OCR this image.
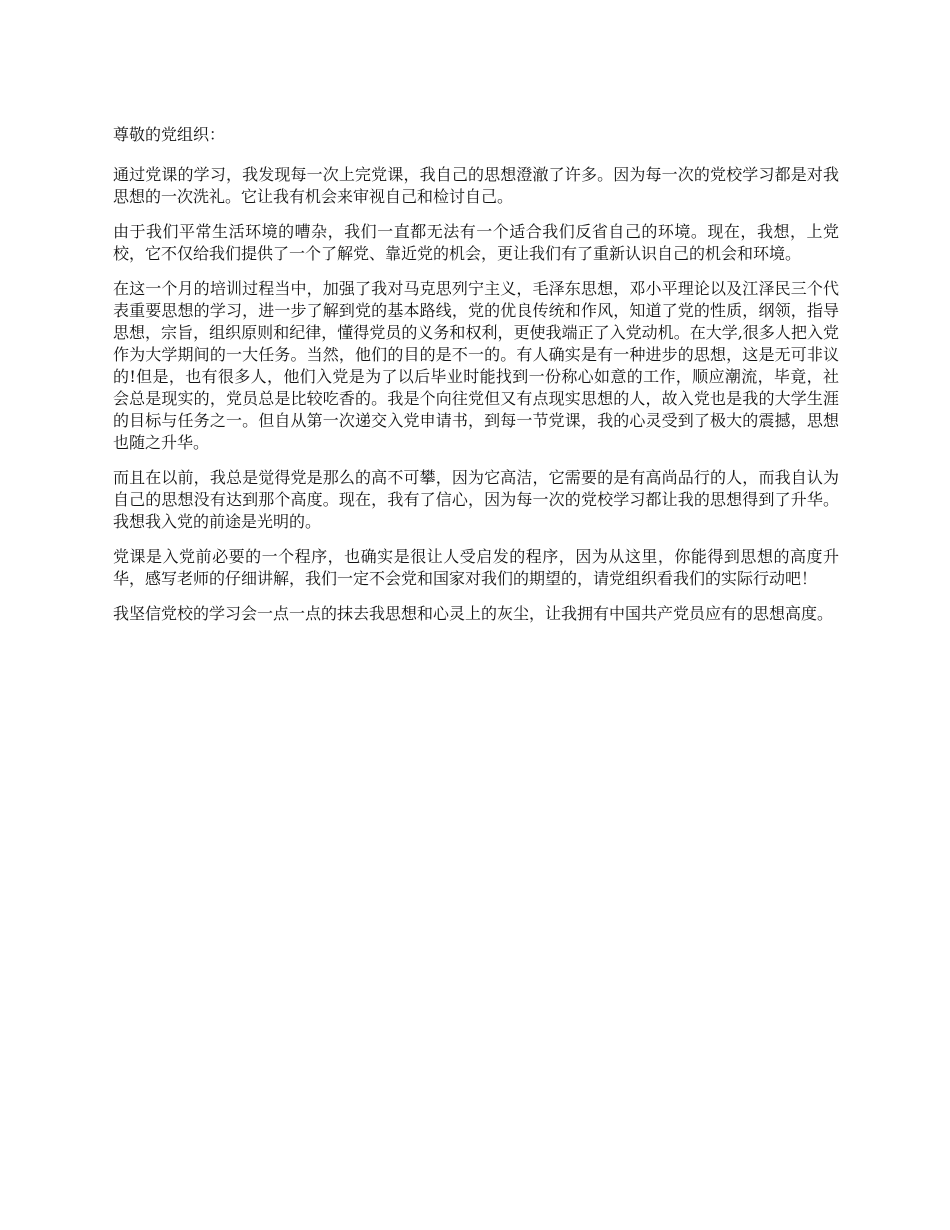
尊敬的党组织：

通过党课的学习，我发现每一次上完党课，我自己的思想澄澈了许多。因为每一次的党校学习都是对我思想的一次洗礼。它让我有机会来审视自己和检讨自己。

由于我们平常生活环境的嘈杂，我们一直都无法有一个适合我们反省自己的环境。现在，我想，上党校，它不仅给我们提供了一个了解党、靠近党的机会，更让我们有了重新认识自己的机会和环境。

在这一个月的培训过程当中，加强了我对马克思列宁主义，毛泽东思想，邓小平理论以及江泽民三个代表重要思想的学习，进一步了解到党的基本路线，党的优良传统和作风，知道了党的性质，纲领，指导思想，宗旨，组织原则和纪律，懂得党员的义务和权利，更使我端正了入党动机。在大学,很多人把入党作为大学期间的一大任务。当然，他们的目的是不一的。有人确实是有一种进步的思想，这是无可非议的!但是，也有很多人，他们入党是为了以后毕业时能找到一份称心如意的工作，顺应潮流，毕竟，社会总是现实的，党员总是比较吃香的。我是个向往党但又有点现实思想的人，故入党也是我的大学生涯的目标与任务之一。但自从第一次递交入党申请书，到每一节党课，我的心灵受到了极大的震撼，思想也随之升华。

而且在以前，我总是觉得党是那么的高不可攀，因为它高洁，它需要的是有高尚品行的人，而我自认为自己的思想没有达到那个高度。现在，我有了信心，因为每一次的党校学习都让我的思想得到了升华。我想我入党的前途是光明的。

党课是入党前必要的一个程序，也确实是很让人受启发的程序，因为从这里，你能得到思想的高度升华，感写老师的仔细讲解，我们一定不会党和国家对我们的期望的，请党组织看我们的实际行动吧！

我坚信党校的学习会一点一点的抹去我思想和心灵上的灰尘，让我拥有中国共产党员应有的思想高度。
